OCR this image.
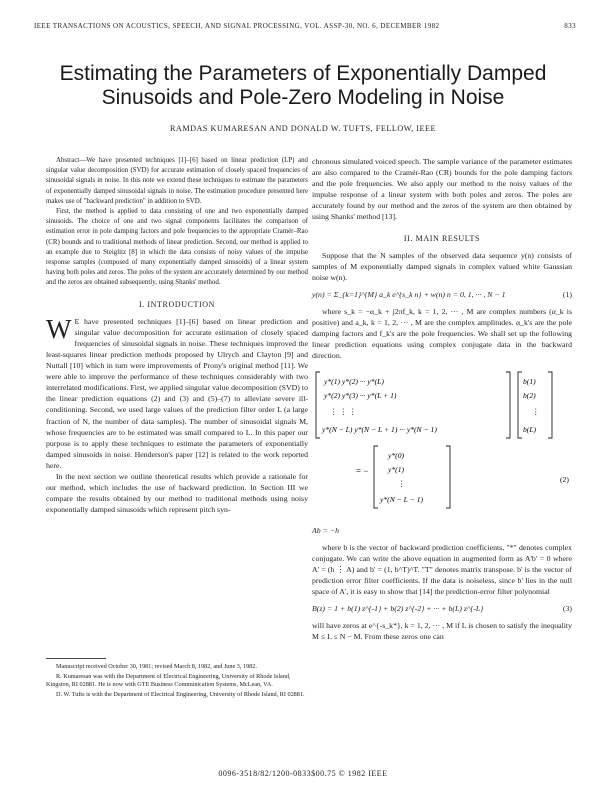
IEEE TRANSACTIONS ON ACOUSTICS, SPEECH, AND SIGNAL PROCESSING, VOL. ASSP-30, NO. 6, DECEMBER 1982	833
Estimating the Parameters of Exponentially Damped
Sinusoids and Pole-Zero Modeling in Noise
RAMDAS KUMARESAN AND DONALD W. TUFTS, FELLOW, IEEE

Abstract—We have presented techniques [1]–[6] based on linear prediction (LP) and singular value decomposition (SVD) for accurate estimation of closely spaced frequencies of sinusoidal signals in noise. In this note we extend these techniques to estimate the parameters of exponentially damped sinusoidal signals in noise. The estimation procedure presented here makes use of "backward prediction" in addition to SVD.

First, the method is applied to data consisting of one and two exponentially damped sinusoids. The choice of one and two signal components facilitates the comparison of estimation error in pole damping factors and pole frequencies to the appropriate Cramér–Rao (CR) bounds and to traditional methods of linear prediction. Second, our method is applied to an example due to Steiglitz [8] in which the data consists of noisy values of the impulse response samples (composed of many exponentially damped sinusoids) of a linear system having both poles and zeros. The poles of the system are accurately determined by our method and the zeros are obtained subsequently, using Shanks' method.

I. INTRODUCTION

W E have presented techniques [1]–[6] based on linear prediction and singular value decomposition for accurate estimation of closely spaced frequencies of sinusoidal signals in noise. These techniques improved the least-squares linear prediction methods proposed by Ulrych and Clayton [9] and Nuttall [10] which in turn were improvements of Prony's original method [11]. We were able to improve the performance of these techniques considerably with two interrelated modifications. First, we applied singular value decomposition (SVD) to the linear prediction equations (2) and (3) and (5)–(7) to alleviate severe ill-conditioning. Second, we used large values of the prediction filter order L (a large fraction of N, the number of data samples). The number of sinusoidal signals M, whose frequencies are to be estimated was small compared to L. In this paper our purpose is to apply these techniques to estimate the parameters of exponentially damped sinusoids in noise. Henderson's paper [12] is related to the work reported here.

In the next section we outline theoretical results which provide a rationale for our method, which includes the use of backward prediction. In Section III we compare the results obtained by our method to traditional methods using noisy exponentially damped sinusoids which represent pitch syn-

Manuscript received October 30, 1981; revised March 8, 1982, and June 3, 1982.

R. Kumaresan was with the Department of Electrical Engineering, University of Rhode Island, Kingston, RI 02881. He is now with GTE Business Communication Systems, McLean, VA.

D. W. Tufts is with the Department of Electrical Engineering, University of Rhode Island, RI 02881.

chronous simulated voiced speech. The sample variance of the parameter estimates are also compared to the Cramér-Rao (CR) bounds for the pole damping factors and the pole frequencies. We also apply our method to the noisy values of the impulse response of a linear system with both poles and zeros. The poles are accurately found by our method and the zeros of the system are then obtained by using Shanks' method [13].

II. MAIN RESULTS

Suppose that the N samples of the observed data sequence y(n) consists of samples of M exponentially damped signals in complex valued white Gaussian noise w(n).

y(n) = Σ_{k=1}^{M} a_k e^{s_k n} + w(n) n = 0, 1, ··· , N − 1	(1)

where s_k = −α_k + j2πf_k, k = 1, 2, ··· , M are complex numbers (α_k is positive) and a_k, k = 1, 2, ··· , M are the complex amplitudes. α_k's are the pole damping factors and f_k's are the pole frequencies. We shall set up the following linear prediction equations using complex conjugate data in the backward direction.

y*(1) y*(2) ··· y*(L)
y*(2) y*(3) ··· y*(L + 1)
⋮ ⋮ ⋮
y*(N − L) y*(N − L + 1) ··· y*(N − 1)
b(1)
b(2)
⋮
b(L)
= −
y*(0)
y*(1)
⋮
y*(N − L − 1)
(2)
Ab = −h

where b is the vector of backward prediction coefficients, "*" denotes complex conjugate. We can write the above equation in augmented form as A'b' = 0 where A' = (h ⋮ A) and b' = (1, b^T)^T. "T" denotes matrix transpose. b' is the vector of prediction error filter coefficients. If the data is noiseless, since b' lies in the null space of A', it is easy to show that [14] the prediction-error filter polynomial

B(z) = 1 + b(1) z^{-1} + b(2) z^{-2} + ··· + b(L) z^{-L}	(3)

will have zeros at e^{-s_k*}, k = 1, 2, ··· , M if L is chosen to satisfy the inequality M ≤ L ≤ N − M. From these zeros one can

0096-3518/82/1200-0833$00.75 © 1982 IEEE
